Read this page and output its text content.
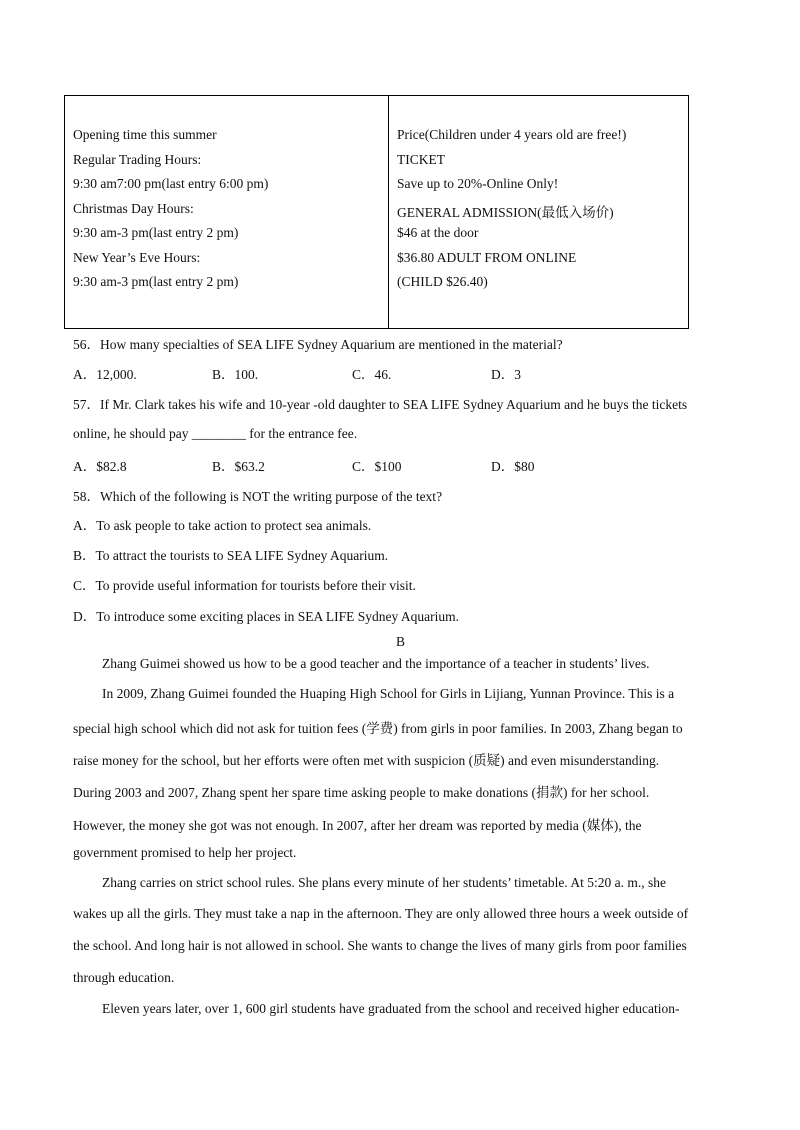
Opening time this summer
Regular Trading Hours:
9:30 am7:00 pm(last entry 6:00 pm)
Christmas Day Hours:
9:30 am-3 pm(last entry 2 pm)
New Year’s Eve Hours:
9:30 am-3 pm(last entry 2 pm)
Price(Children under 4 years old are free!)
TICKET
Save up to 20%-Online Only!
GENERAL ADMISSION(最低入场价)
$46 at the door
$36.80 ADULT FROM ONLINE
(CHILD $26.40)
56．How many specialties of SEA LIFE Sydney Aquarium are mentioned in the material?
A．12,000.	B．100.	C．46.	D．3
57．If Mr. Clark takes his wife and 10-year -old daughter to SEA LIFE Sydney Aquarium and he buys the tickets
online, he should pay ________ for the entrance fee.
A．$82.8	B．$63.2	C．$100	D．$80
58．Which of the following is NOT the writing purpose of the text?
A．To ask people to take action to protect sea animals.
B．To attract the tourists to SEA LIFE Sydney Aquarium.
C．To provide useful information for tourists before their visit.
D．To introduce some exciting places in SEA LIFE Sydney Aquarium.
B
Zhang Guimei showed us how to be a good teacher and the importance of a teacher in students’ lives.
In 2009, Zhang Guimei founded the Huaping High School for Girls in Lijiang, Yunnan Province. This is a
special high school which did not ask for tuition fees (学费) from girls in poor families. In 2003, Zhang began to
raise money for the school, but her efforts were often met with suspicion (质疑) and even misunderstanding.
During 2003 and 2007, Zhang spent her spare time asking people to make donations (捐款) for her school.
However, the money she got was not enough. In 2007, after her dream was reported by media (媒体), the
government promised to help her project.
Zhang carries on strict school rules. She plans every minute of her students’ timetable. At 5:20 a. m., she
wakes up all the girls. They must take a nap in the afternoon. They are only allowed three hours a week outside of
the school. And long hair is not allowed in school. She wants to change the lives of many girls from poor families
through education.
Eleven years later, over 1, 600 girl students have graduated from the school and received higher education-
